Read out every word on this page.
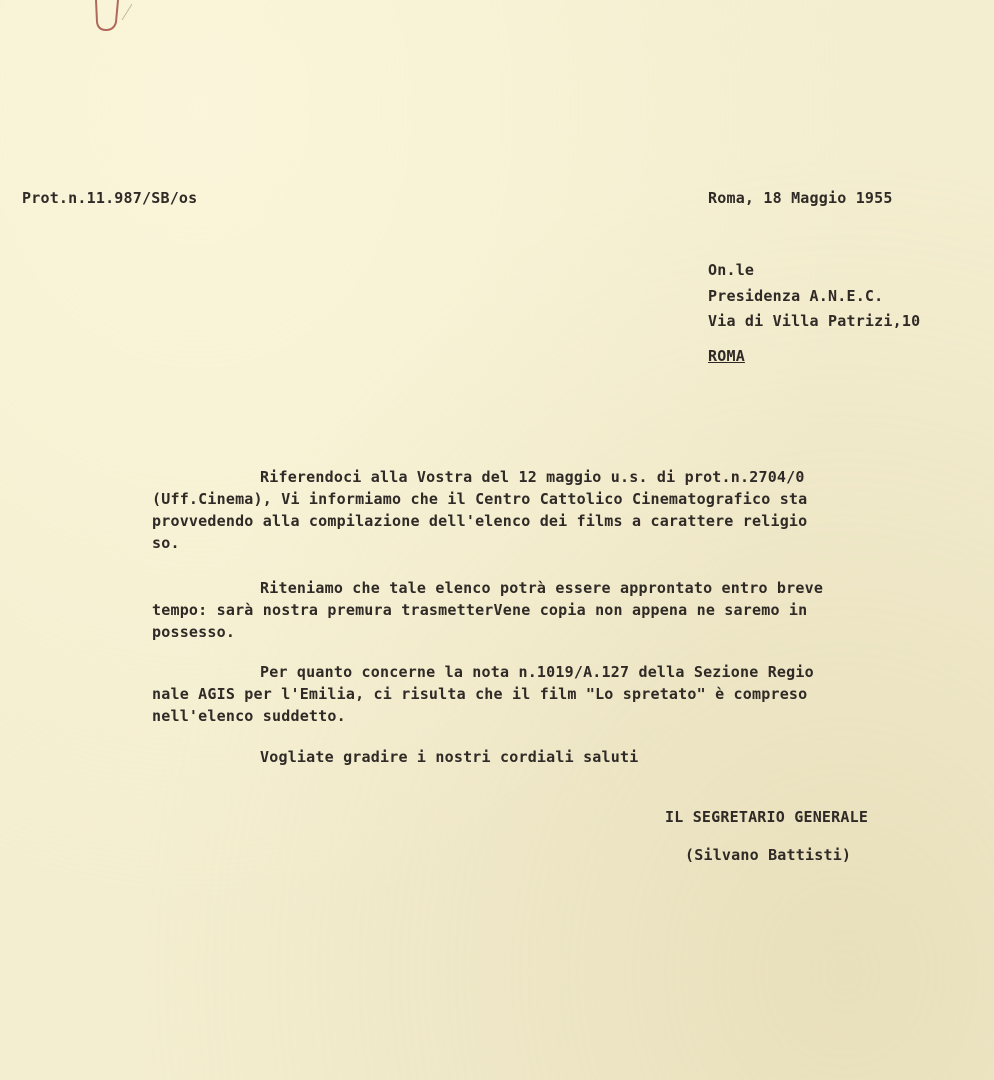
Prot.n.11.987/SB/os	Roma, 18 Maggio 1955
On.le
Presidenza A.N.E.C.
Via di Villa Patrizi,10
ROMA
Riferendoci alla Vostra del 12 maggio u.s. di prot.n.2704/0
(Uff.Cinema), Vi informiamo che il Centro Cattolico Cinematografico sta
provvedendo alla compilazione dell'elenco dei films a carattere religio
so.
Riteniamo che tale elenco potrà essere approntato entro breve
tempo: sarà nostra premura trasmetterVene copia non appena ne saremo in
possesso.
Per quanto concerne la nota n.1019/A.127 della Sezione Regio
nale AGIS per l'Emilia, ci risulta che il film "Lo spretato" è compreso
nell'elenco suddetto.
Vogliate gradire i nostri cordiali saluti
IL SEGRETARIO GENERALE
(Silvano Battisti)
